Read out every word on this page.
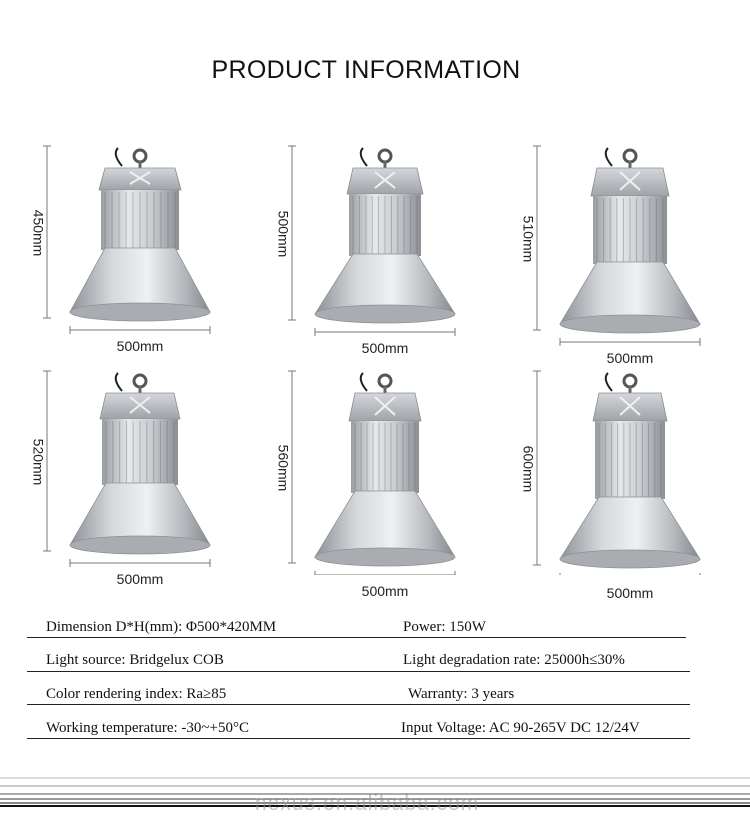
PRODUCT INFORMATION
450mm
500mm
500mm
500mm
510mm
500mm
520mm
500mm
560mm
500mm
600mm
500mm
Dimension D*H(mm): Φ500*420MM	Power: 150W
Light source: Bridgelux COB	Light degradation rate: 25000h≤30%
Color rendering index: Ra≥85	Warranty: 3 years
Working temperature: -30~+50°C	Input Voltage: AC 90-265V DC 12/24V
nexus.en.alibaba.com
